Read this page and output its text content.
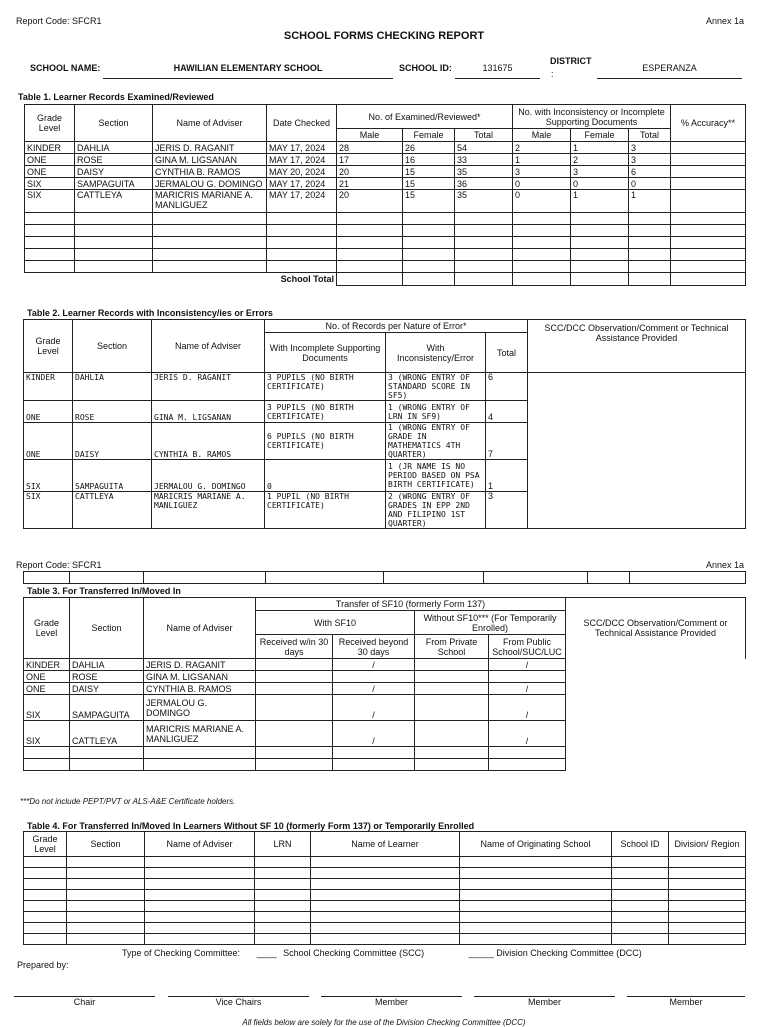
Report Code: SFCR1	Annex 1a
SCHOOL FORMS CHECKING REPORT
SCHOOL NAME:	HAWILIAN ELEMENTARY SCHOOL	SCHOOL ID:	131675
DISTRICT
:
ESPERANZA
Table 1. Learner Records Examined/Reviewed
Grade Level	Section	Name of Adviser	Date Checked	No. of Examined/Reviewed*			No. with Inconsistency or Incomplete Supporting Documents			% Accuracy**
				Male	Female	Total	Male	Female	Total	
KINDER	DAHLIA	JERIS D. RAGANIT	MAY 17, 2024	28	26	54	2	1	3	
ONE	ROSE	GINA M. LIGSANAN	MAY 17, 2024	17	16	33	1	2	3	
ONE	DAISY	CYNTHIA B. RAMOS	MAY 20, 2024	20	15	35	3	3	6	
SIX	SAMPAGUITA	JERMALOU G. DOMINGO	MAY 17, 2024	21	15	36	0	0	0	
SIX	CATTLEYA	MARICRIS MARIANE A. MANLIGUEZ	MAY 17, 2024	20	15	35	0	1	1	

School Total										
Table 2. Learner Records with Inconsistency/ies or Errors
Grade Level	Section	Name of Adviser	No. of Records per Nature of Error*			SCC/DCC Observation/Comment or Technical Assistance Provided
			With Incomplete Supporting Documents	With Inconsistency/Error	Total	
KINDER	DAHLIA	JERIS D. RAGANIT	3 PUPILS (NO BIRTH CERTIFICATE)	3 (WRONG ENTRY OF STANDARD SCORE IN SF5)	6	
ONE	ROSE	GINA M. LIGSANAN	3 PUPILS (NO BIRTH CERTIFICATE)	1 (WRONG ENTRY OF LRN IN SF9)	4	
ONE	DAISY	CYNTHIA B. RAMOS	6 PUPILS (NO BIRTH CERTIFICATE)	1 (WRONG ENTRY OF GRADE IN MATHEMATICS 4TH QUARTER)	7	
SIX	SAMPAGUITA	JERMALOU G. DOMINGO	0	1 (JR NAME IS NO PERIOD BASED ON PSA BIRTH CERTIFICATE)	1	
SIX	CATTLEYA	MARICRIS MARIANE A. MANLIGUEZ	1 PUPIL (NO BIRTH CERTIFICATE)	2 (WRONG ENTRY OF GRADES IN EPP 2ND AND FILIPINO 1ST QUARTER)	3	
Report Code: SFCR1	Annex 1a

Table 3. For Transferred In/Moved In
Grade Level	Section	Name of Adviser	Transfer of SF10 (formerly Form 137)				SCC/DCC Observation/Comment or Technical Assistance Provided
			With SF10		Without SF10*** (For Temporarily Enrolled)		
			Received w/in 30 days	Received beyond 30 days	From Private School	From Public School/SUC/LUC	
KINDER	DAHLIA	JERIS D. RAGANIT		/		/	
ONE	ROSE	GINA M. LIGSANAN					
ONE	DAISY	CYNTHIA B. RAMOS		/		/	
SIX	SAMPAGUITA	JERMALOU G. DOMINGO		/		/	
SIX	CATTLEYA	MARICRIS MARIANE A. MANLIGUEZ		/		/	

***Do not include PEPT/PVT or ALS-A&E Certificate holders.
Table 4. For Transferred In/Moved In Learners Without SF 10 (formerly Form 137) or Temporarily Enrolled
Grade Level	Section	Name of Adviser	LRN	Name of Learner	Name of Originating School	School ID	Division/ Region

Type of Checking Committee: ____ School Checking Committee (SCC)	_____ Division Checking Committee (DCC)
Prepared by:
Chair	Vice Chairs	Member	Member	Member
All fields below are solely for the use of the Division Checking Committee (DCC)
